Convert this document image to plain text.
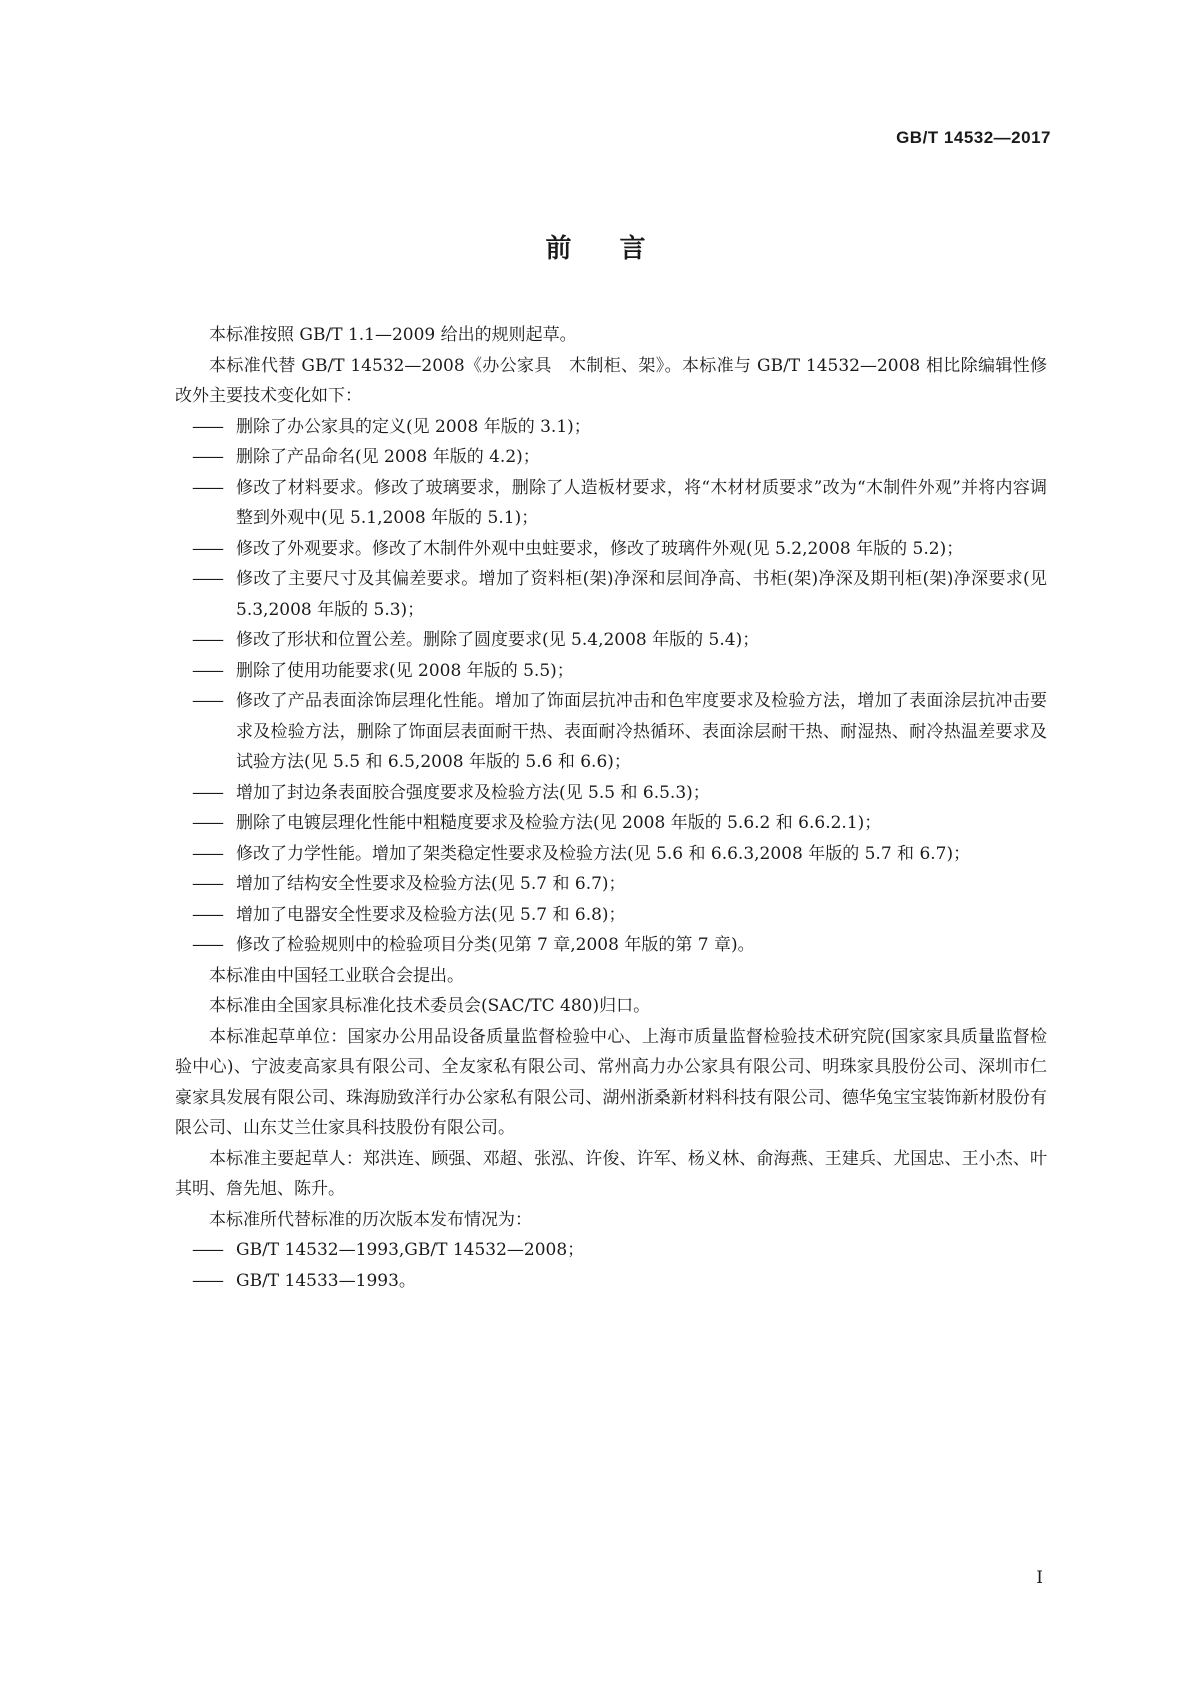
GB/T 14532—2017
前言

本标准按照 GB/T 1.1—2009 给出的规则起草。

本标准代替 GB/T 14532—2008《办公家具　木制柜、架》。本标准与 GB/T 14532—2008 相比除编辑性修改外主要技术变化如下：

—— 删除了办公家具的定义(见 2008 年版的 3.1)；

—— 删除了产品命名(见 2008 年版的 4.2)；

—— 修改了材料要求。修改了玻璃要求，删除了人造板材要求，将“木材材质要求”改为“木制件外观”并将内容调整到外观中(见 5.1,2008 年版的 5.1)；

—— 修改了外观要求。修改了木制件外观中虫蛀要求，修改了玻璃件外观(见 5.2,2008 年版的 5.2)；

—— 修改了主要尺寸及其偏差要求。增加了资料柜(架)净深和层间净高、书柜(架)净深及期刊柜(架)净深要求(见 5.3,2008 年版的 5.3)；

—— 修改了形状和位置公差。删除了圆度要求(见 5.4,2008 年版的 5.4)；

—— 删除了使用功能要求(见 2008 年版的 5.5)；

—— 修改了产品表面涂饰层理化性能。增加了饰面层抗冲击和色牢度要求及检验方法，增加了表面涂层抗冲击要求及检验方法，删除了饰面层表面耐干热、表面耐冷热循环、表面涂层耐干热、耐湿热、耐冷热温差要求及试验方法(见 5.5 和 6.5,2008 年版的 5.6 和 6.6)；

—— 增加了封边条表面胶合强度要求及检验方法(见 5.5 和 6.5.3)；

—— 删除了电镀层理化性能中粗糙度要求及检验方法(见 2008 年版的 5.6.2 和 6.6.2.1)；

—— 修改了力学性能。增加了架类稳定性要求及检验方法(见 5.6 和 6.6.3,2008 年版的 5.7 和 6.7)；

—— 增加了结构安全性要求及检验方法(见 5.7 和 6.7)；

—— 增加了电器安全性要求及检验方法(见 5.7 和 6.8)；

—— 修改了检验规则中的检验项目分类(见第 7 章,2008 年版的第 7 章)。

本标准由中国轻工业联合会提出。

本标准由全国家具标准化技术委员会(SAC/TC 480)归口。

本标准起草单位：国家办公用品设备质量监督检验中心、上海市质量监督检验技术研究院(国家家具质量监督检验中心)、宁波麦高家具有限公司、全友家私有限公司、常州高力办公家具有限公司、明珠家具股份公司、深圳市仁豪家具发展有限公司、珠海励致洋行办公家私有限公司、湖州浙桑新材料科技有限公司、德华兔宝宝装饰新材股份有限公司、山东艾兰仕家具科技股份有限公司。

本标准主要起草人：郑洪连、顾强、邓超、张泓、许俊、许军、杨义林、俞海燕、王建兵、尤国忠、王小杰、叶其明、詹先旭、陈升。

本标准所代替标准的历次版本发布情况为：

—— GB/T 14532—1993,GB/T 14532—2008；

—— GB/T 14533—1993。

I
